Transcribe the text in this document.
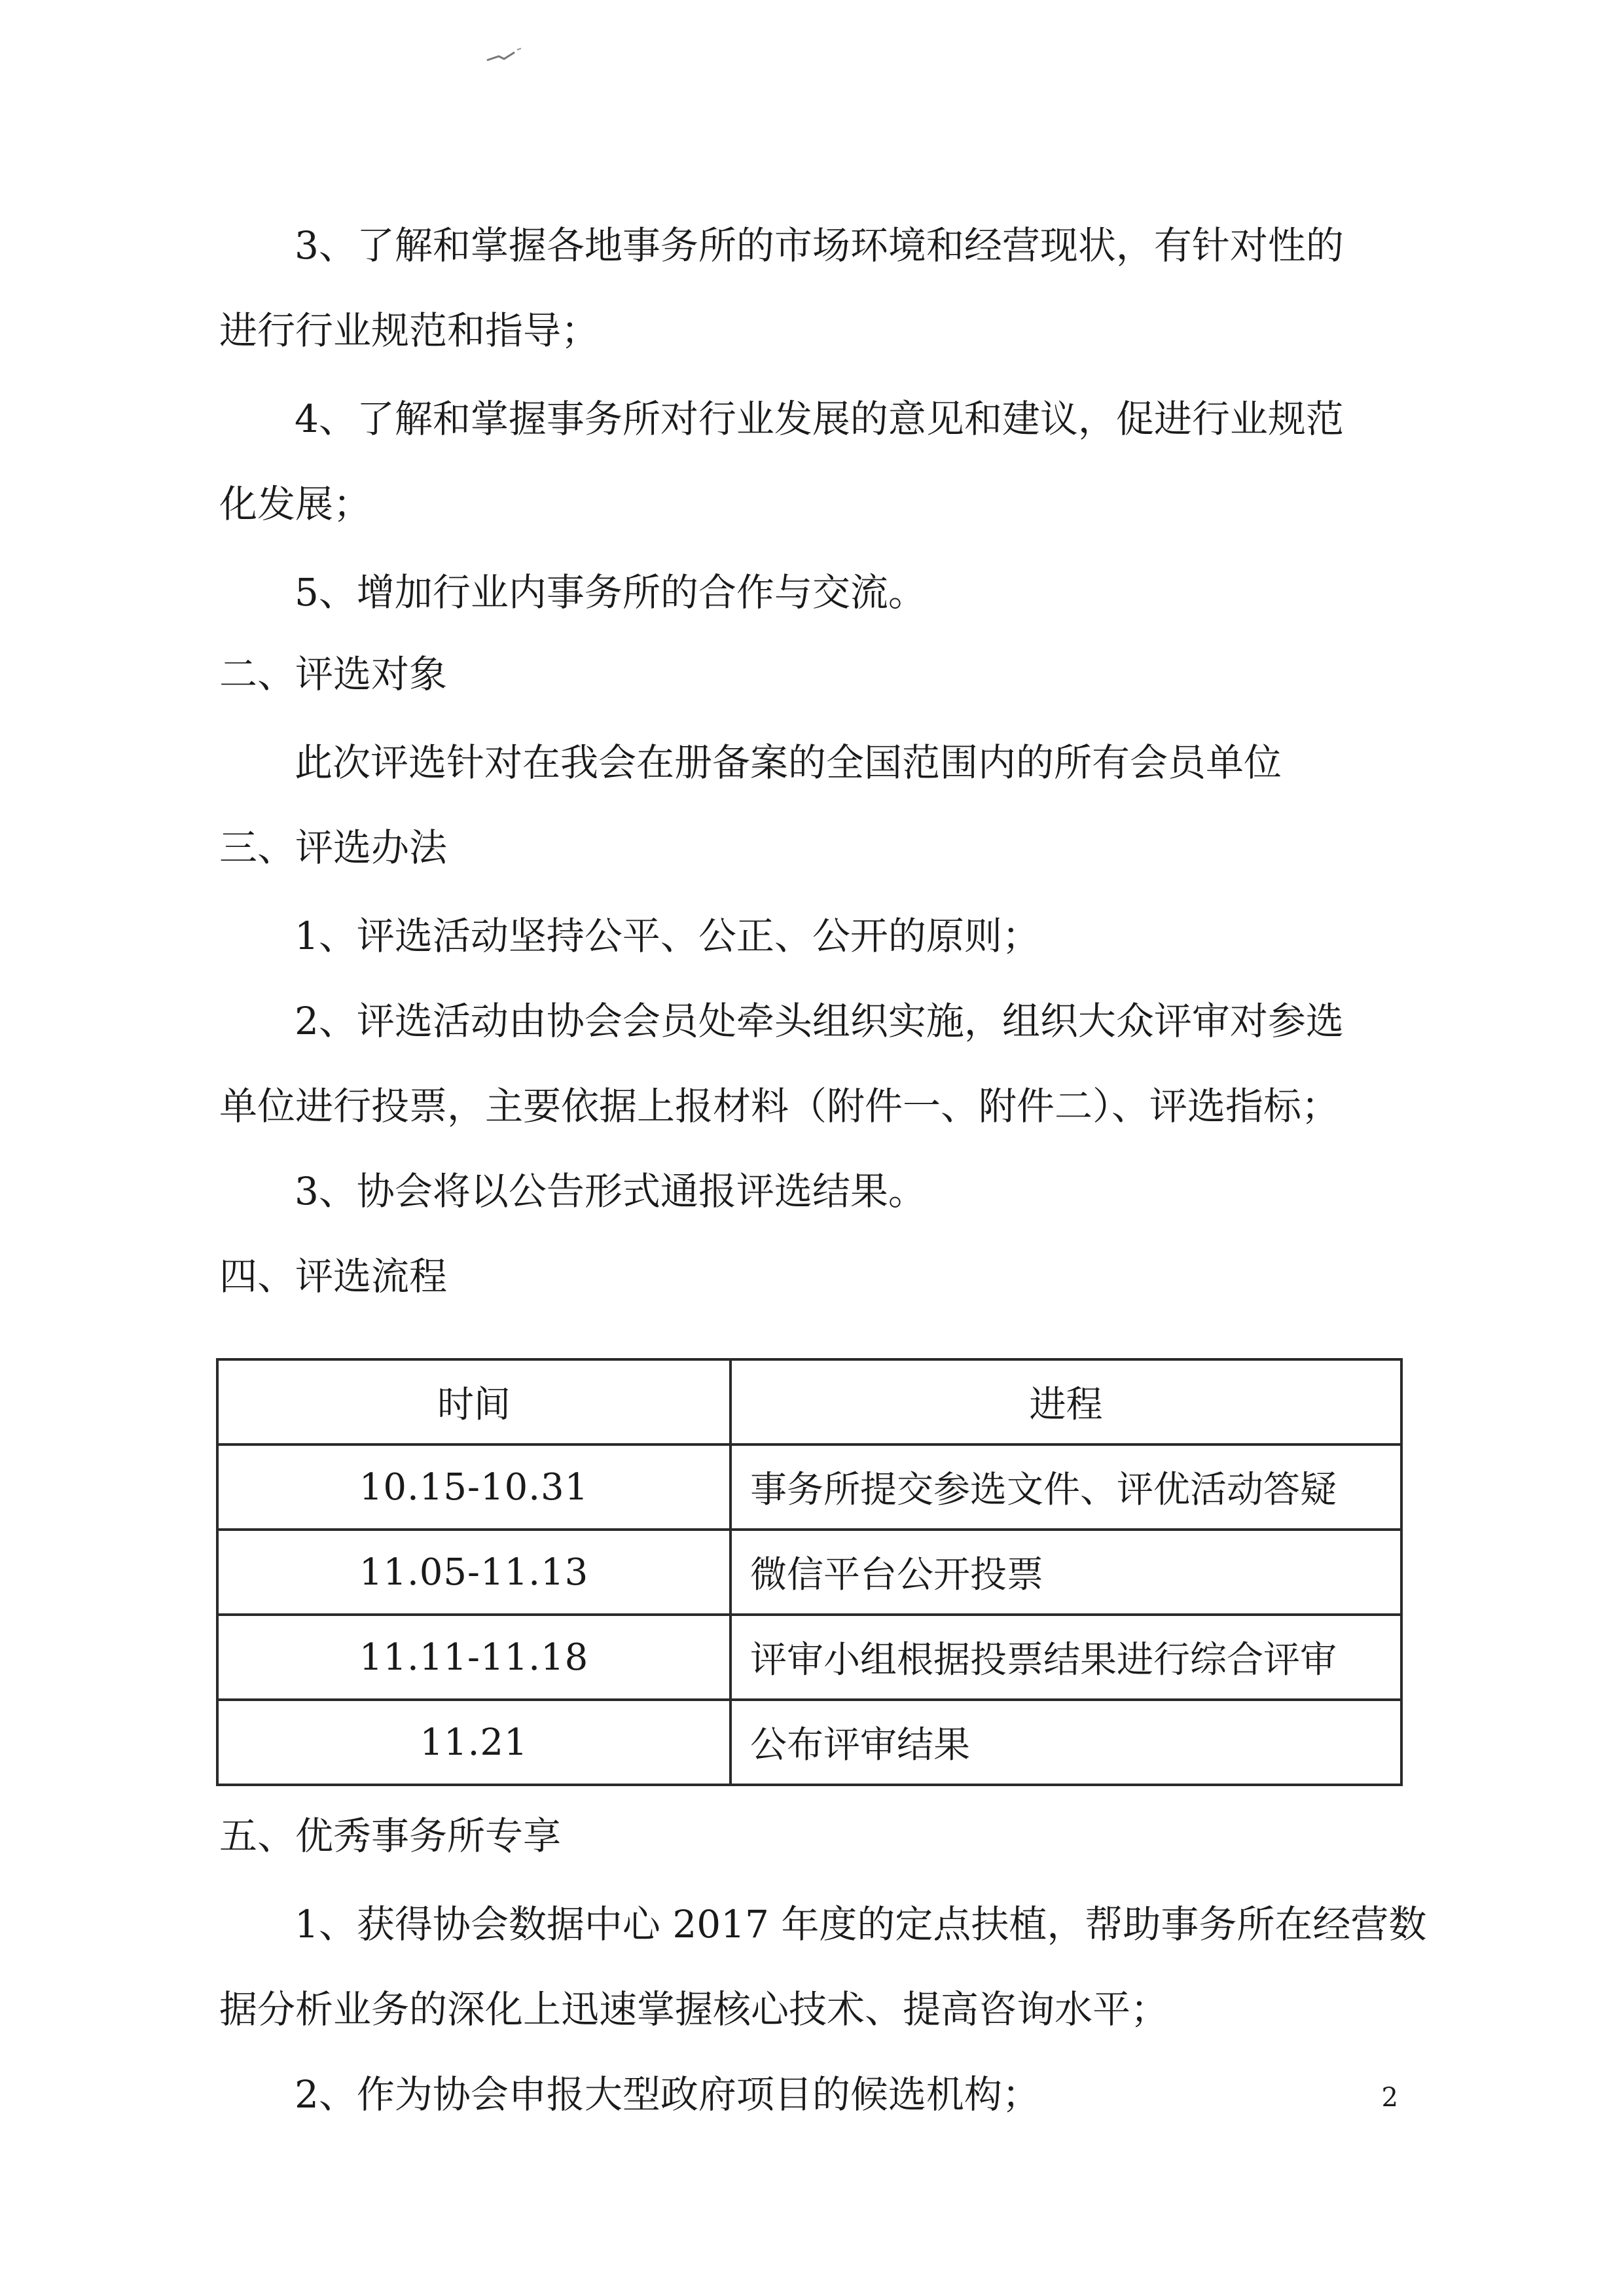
3、了解和掌握各地事务所的市场环境和经营现状，有针对性的

进行行业规范和指导；

4、了解和掌握事务所对行业发展的意见和建议，促进行业规范

化发展；

5、增加行业内事务所的合作与交流。

二、评选对象

此次评选针对在我会在册备案的全国范围内的所有会员单位

三、评选办法

1、评选活动坚持公平、公正、公开的原则；

2、评选活动由协会会员处牵头组织实施，组织大众评审对参选

单位进行投票，主要依据上报材料（附件一、附件二）、评选指标；

3、协会将以公告形式通报评选结果。

四、评选流程
时间	进程
10.15-10.31	事务所提交参选文件、评优活动答疑
11.05-11.13	微信平台公开投票
11.11-11.18	评审小组根据投票结果进行综合评审
11.21	公布评审结果
五、优秀事务所专享

1、获得协会数据中心 2017 年度的定点扶植，帮助事务所在经营数

据分析业务的深化上迅速掌握核心技术、提高咨询水平；

2、作为协会申报大型政府项目的候选机构；	2
